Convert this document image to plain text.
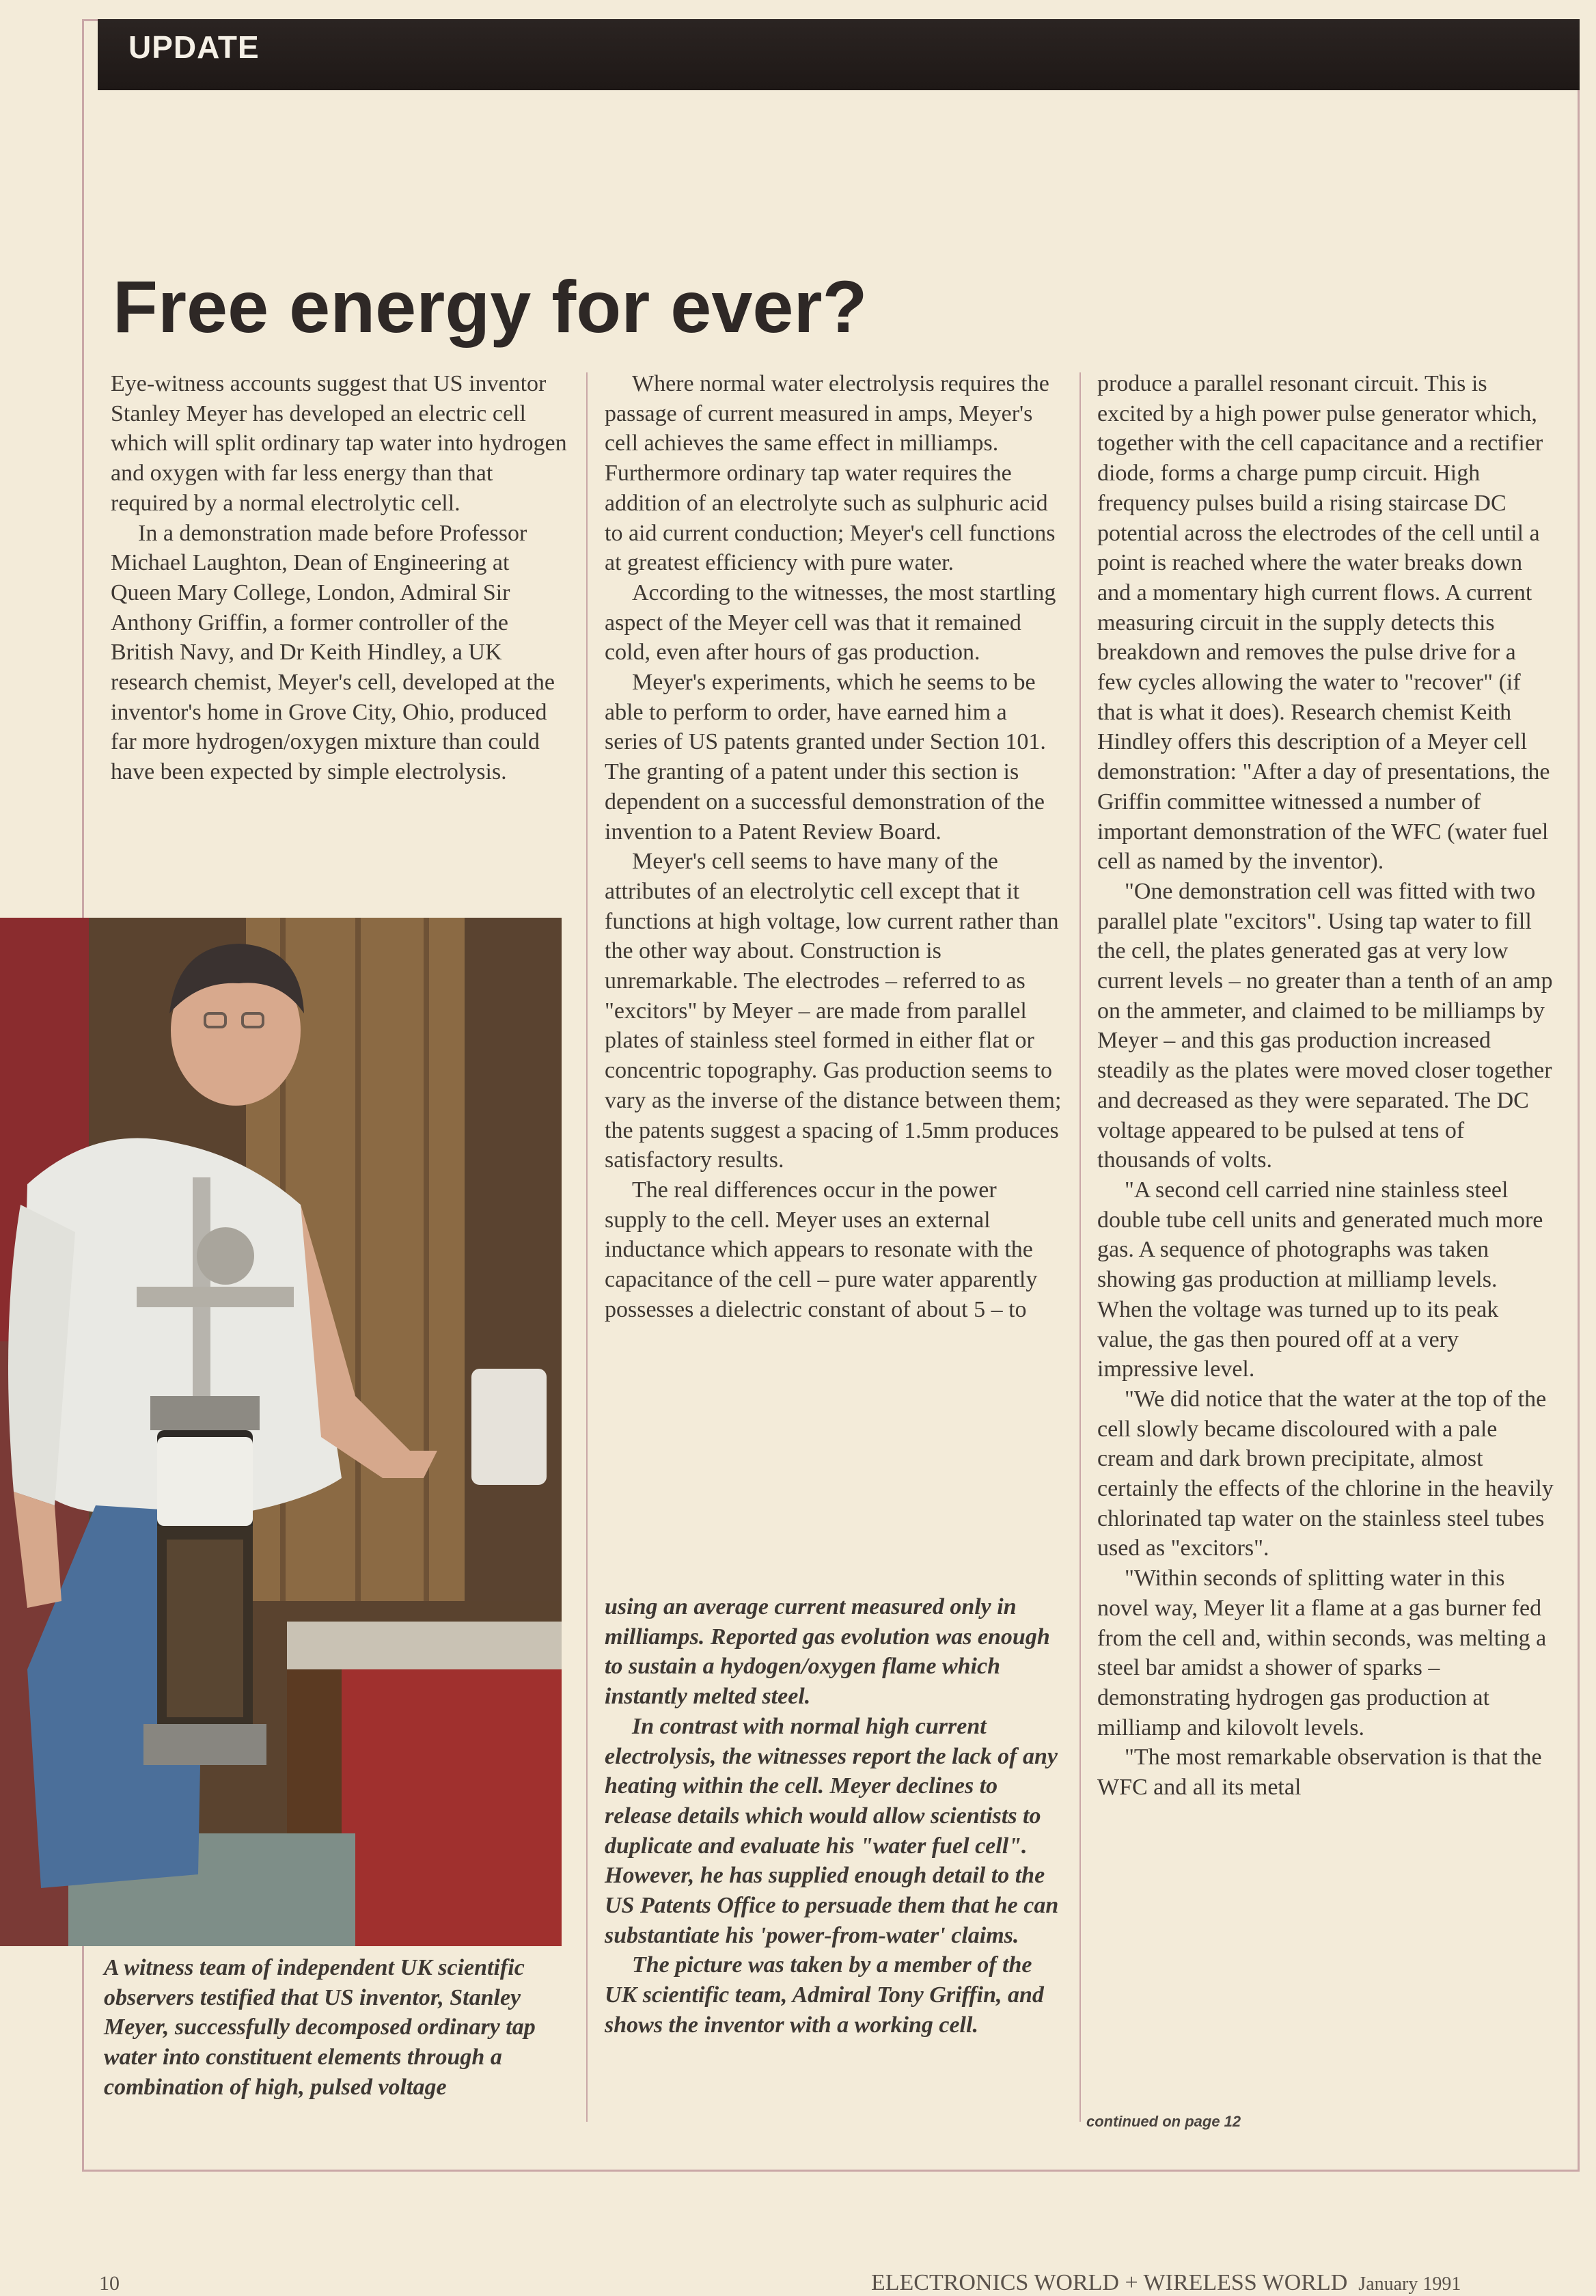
UPDATE
Free energy for ever?

Eye-witness accounts suggest that US inventor Stanley Meyer has developed an electric cell which will split ordinary tap water into hydrogen and oxygen with far less energy than that required by a normal electrolytic cell.

In a demonstration made before Professor Michael Laughton, Dean of Engineering at Queen Mary College, London, Admiral Sir Anthony Griffin, a former controller of the British Navy, and Dr Keith Hindley, a UK research chemist, Meyer's cell, developed at the inventor's home in Grove City, Ohio, produced far more hydrogen/oxygen mixture than could have been expected by simple electrolysis.

Where normal water electrolysis requires the passage of current measured in amps, Meyer's cell achieves the same effect in milliamps. Furthermore ordinary tap water requires the addition of an electrolyte such as sulphuric acid to aid current conduction; Meyer's cell functions at greatest efficiency with pure water.

According to the witnesses, the most startling aspect of the Meyer cell was that it remained cold, even after hours of gas production.

Meyer's experiments, which he seems to be able to perform to order, have earned him a series of US patents granted under Section 101. The granting of a patent under this section is dependent on a successful demonstration of the invention to a Patent Review Board.

Meyer's cell seems to have many of the attributes of an electrolytic cell except that it functions at high voltage, low current rather than the other way about. Construction is unremarkable. The electrodes – referred to as "excitors" by Meyer – are made from parallel plates of stainless steel formed in either flat or concentric topography. Gas production seems to vary as the inverse of the distance between them; the patents suggest a spacing of 1.5mm produces satisfactory results.

The real differences occur in the power supply to the cell. Meyer uses an external inductance which appears to resonate with the capacitance of the cell – pure water apparently possesses a dielectric constant of about 5 – to

using an average current measured only in milliamps. Reported gas evolution was enough to sustain a hydogen/oxygen flame which instantly melted steel.

In contrast with normal high current electrolysis, the witnesses report the lack of any heating within the cell. Meyer declines to release details which would allow scientists to duplicate and evaluate his "water fuel cell". However, he has supplied enough detail to the US Patents Office to persuade them that he can substantiate his 'power-from-water' claims.

The picture was taken by a member of the UK scientific team, Admiral Tony Griffin, and shows the inventor with a working cell.

produce a parallel resonant circuit. This is excited by a high power pulse generator which, together with the cell capacitance and a rectifier diode, forms a charge pump circuit. High frequency pulses build a rising staircase DC potential across the electrodes of the cell until a point is reached where the water breaks down and a momentary high current flows. A current measuring circuit in the supply detects this breakdown and removes the pulse drive for a few cycles allowing the water to "recover" (if that is what it does). Research chemist Keith Hindley offers this description of a Meyer cell demonstration: "After a day of presentations, the Griffin committee witnessed a number of important demonstration of the WFC (water fuel cell as named by the inventor).

"One demonstration cell was fitted with two parallel plate "excitors". Using tap water to fill the cell, the plates generated gas at very low current levels – no greater than a tenth of an amp on the ammeter, and claimed to be milliamps by Meyer – and this gas production increased steadily as the plates were moved closer together and decreased as they were separated. The DC voltage appeared to be pulsed at tens of thousands of volts.

"A second cell carried nine stainless steel double tube cell units and generated much more gas. A sequence of photographs was taken showing gas production at milliamp levels. When the voltage was turned up to its peak value, the gas then poured off at a very impressive level.

"We did notice that the water at the top of the cell slowly became discoloured with a pale cream and dark brown precipitate, almost certainly the effects of the chlorine in the heavily chlorinated tap water on the stainless steel tubes used as "excitors".

"Within seconds of splitting water in this novel way, Meyer lit a flame at a gas burner fed from the cell and, within seconds, was melting a steel bar amidst a shower of sparks – demonstrating hydrogen gas production at milliamp and kilovolt levels.

"The most remarkable observation is that the WFC and all its metal

continued on page 12
A witness team of independent UK scientific observers testified that US inventor, Stanley Meyer, successfully decomposed ordinary tap water into constituent elements through a combination of high, pulsed voltage
10	ELECTRONICS WORLD + WIRELESS WORLD January 1991
